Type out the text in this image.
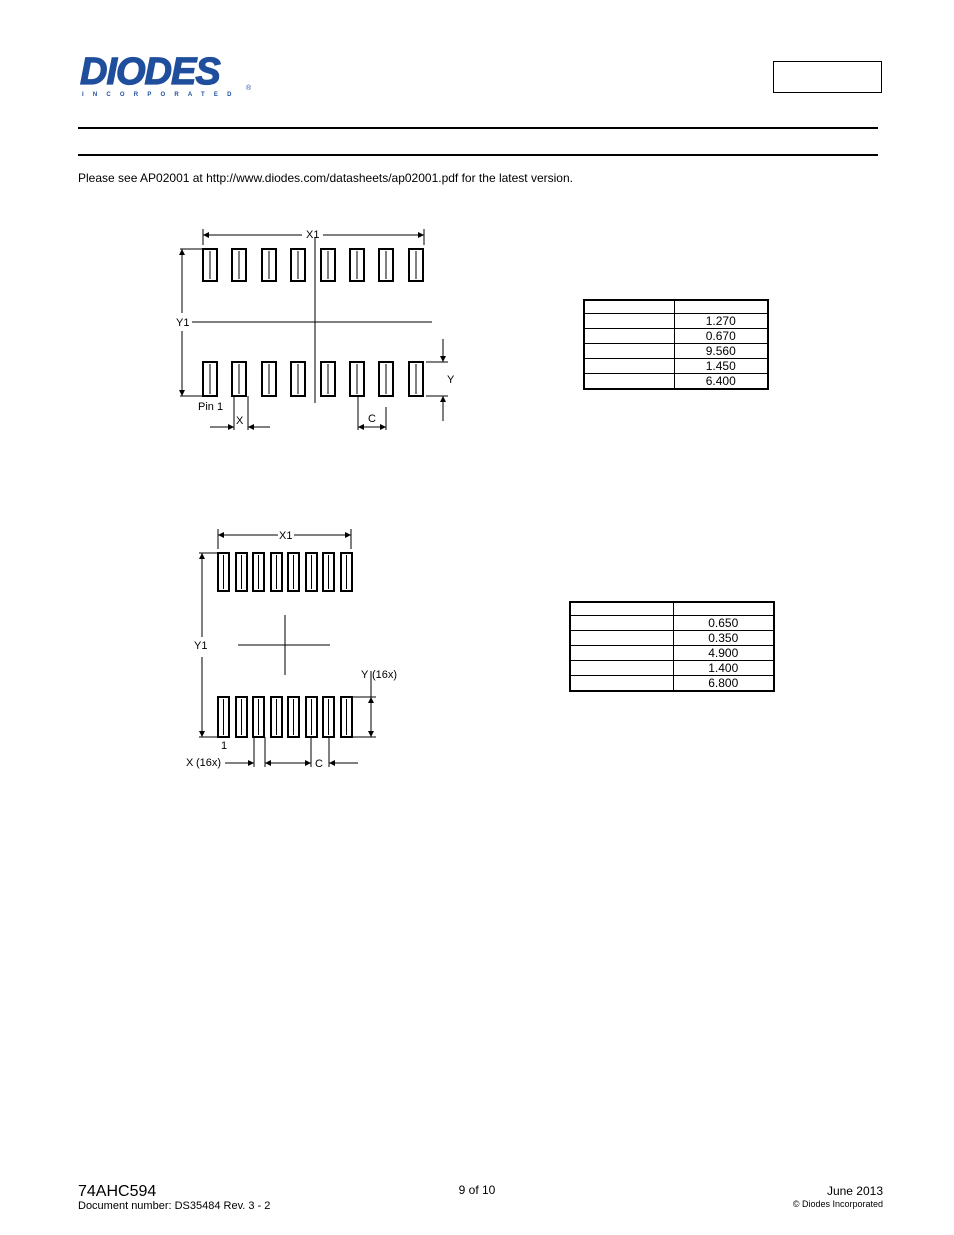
DIODES
INCORPORATED
®
Please see AP02001 at http://www.diodes.com/datasheets/ap02001.pdf for the latest version.
X1
Y1
Y
Pin 1
X	C

	1.270
	0.670
	9.560
	1.450
	6.400
X1
Y1
Y (16x)
1
X (16x)	C

	0.650
	0.350
	4.900
	1.400
	6.800
74AHC594
Document number: DS35484 Rev. 3 - 2
9 of 10	June 2013
© Diodes Incorporated
